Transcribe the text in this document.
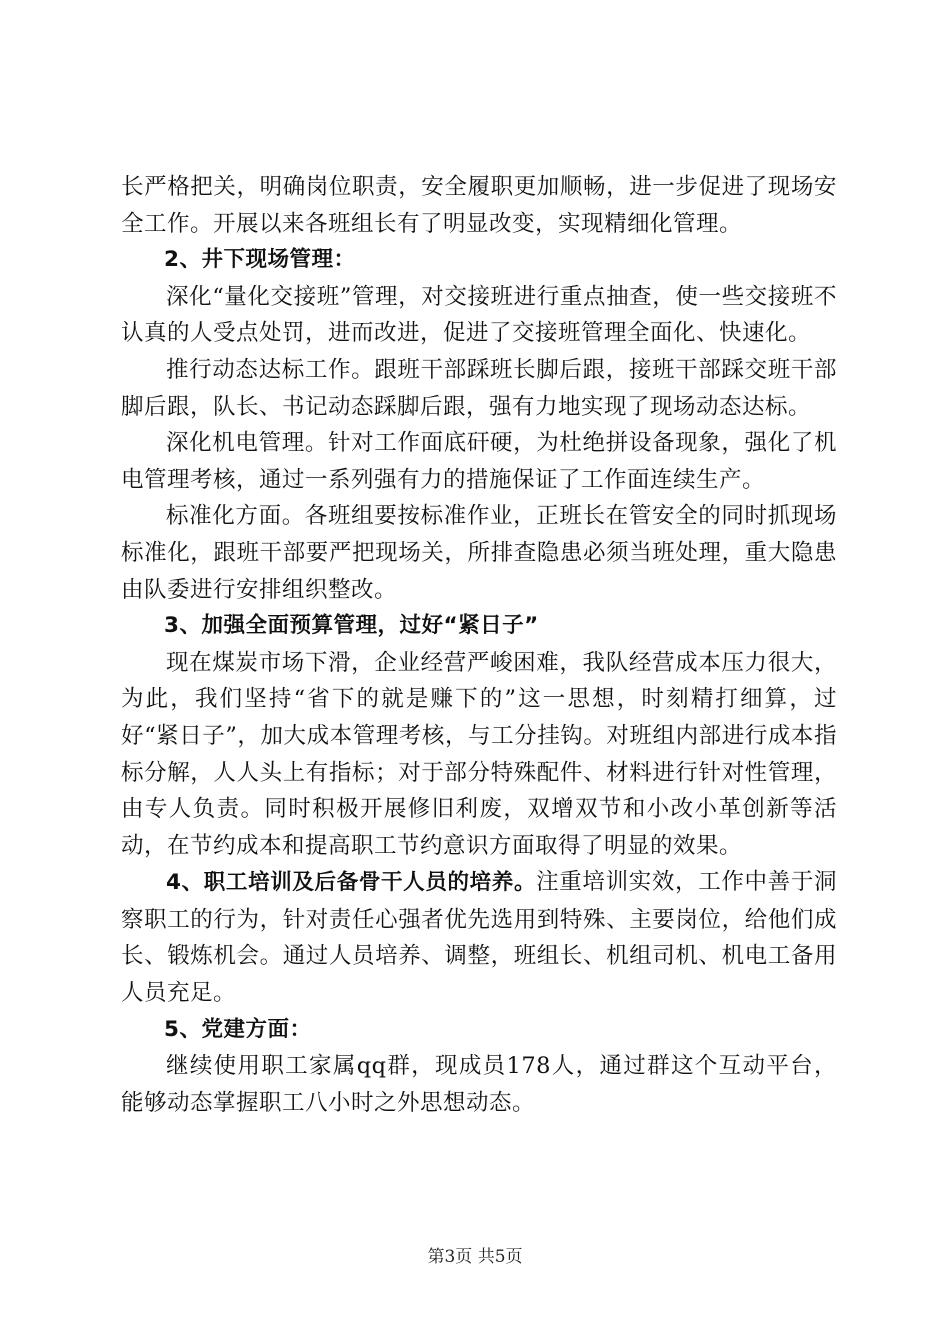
长严格把关，明确岗位职责，安全履职更加顺畅，进一步促进了现场安全工作。开展以来各班组长有了明显改变，实现精细化管理。

2、井下现场管理：

深化“量化交接班”管理，对交接班进行重点抽查，使一些交接班不认真的人受点处罚，进而改进，促进了交接班管理全面化、快速化。

推行动态达标工作。跟班干部踩班长脚后跟，接班干部踩交班干部脚后跟，队长、书记动态踩脚后跟，强有力地实现了现场动态达标。

深化机电管理。针对工作面底矸硬，为杜绝拼设备现象，强化了机电管理考核，通过一系列强有力的措施保证了工作面连续生产。

标准化方面。各班组要按标准作业，正班长在管安全的同时抓现场标准化，跟班干部要严把现场关，所排查隐患必须当班处理，重大隐患由队委进行安排组织整改。

3、加强全面预算管理，过好“紧日子”

现在煤炭市场下滑，企业经营严峻困难，我队经营成本压力很大，为此，我们坚持“省下的就是赚下的”这一思想，时刻精打细算，过好“紧日子”，加大成本管理考核，与工分挂钩。对班组内部进行成本指标分解，人人头上有指标；对于部分特殊配件、材料进行针对性管理，由专人负责。同时积极开展修旧利废，双增双节和小改小革创新等活动，在节约成本和提高职工节约意识方面取得了明显的效果。

4、职工培训及后备骨干人员的培养。注重培训实效，工作中善于洞察职工的行为，针对责任心强者优先选用到特殊、主要岗位，给他们成长、锻炼机会。通过人员培养、调整，班组长、机组司机、机电工备用人员充足。

5、党建方面：

继续使用职工家属qq群，现成员178人，通过群这个互动平台，能够动态掌握职工八小时之外思想动态。

第3页 共5页
